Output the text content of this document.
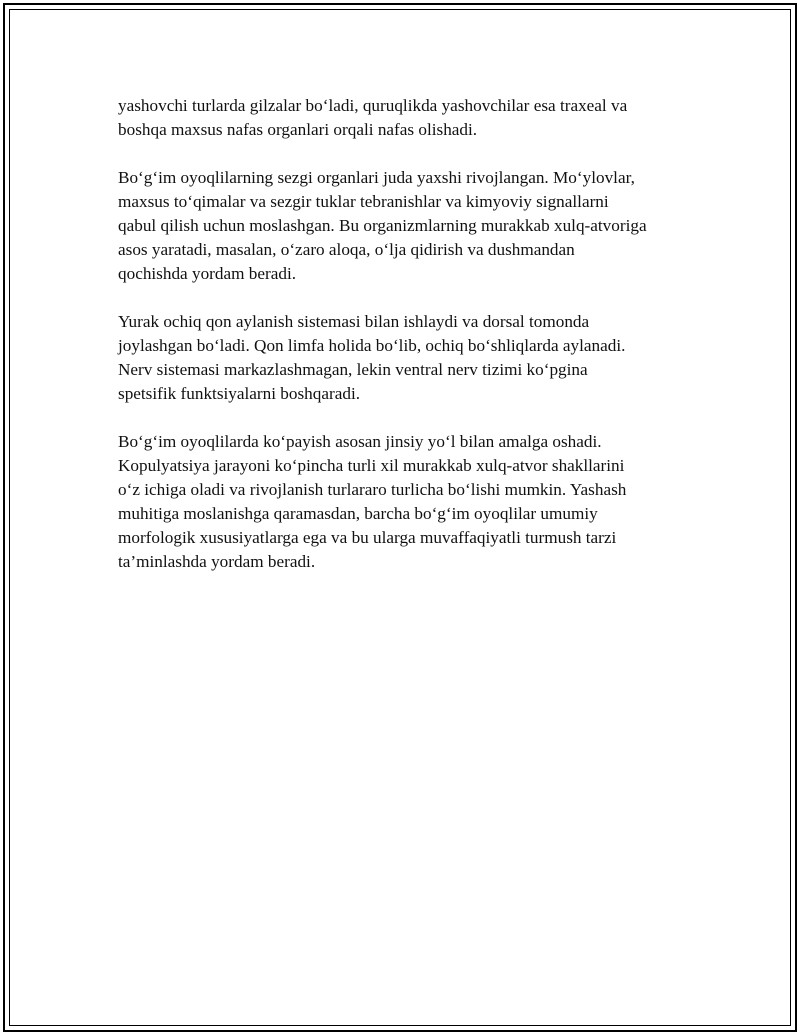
yashovchi turlarda gilzalar bo‘ladi, quruqlikda yashovchilar esa traxeal va
boshqa maxsus nafas organlari orqali nafas olishadi.

Bo‘g‘im oyoqlilarning sezgi organlari juda yaxshi rivojlangan. Mo‘ylovlar,
maxsus to‘qimalar va sezgir tuklar tebranishlar va kimyoviy signallarni
qabul qilish uchun moslashgan. Bu organizmlarning murakkab xulq-atvoriga
asos yaratadi, masalan, o‘zaro aloqa, o‘lja qidirish va dushmandan
qochishda yordam beradi.

Yurak ochiq qon aylanish sistemasi bilan ishlaydi va dorsal tomonda
joylashgan bo‘ladi. Qon limfa holida bo‘lib, ochiq bo‘shliqlarda aylanadi.
Nerv sistemasi markazlashmagan, lekin ventral nerv tizimi ko‘pgina
spetsifik funktsiyalarni boshqaradi.

Bo‘g‘im oyoqlilarda ko‘payish asosan jinsiy yo‘l bilan amalga oshadi.
Kopulyatsiya jarayoni ko‘pincha turli xil murakkab xulq-atvor shakllarini
o‘z ichiga oladi va rivojlanish turlararo turlicha bo‘lishi mumkin. Yashash
muhitiga moslanishga qaramasdan, barcha bo‘g‘im oyoqlilar umumiy
morfologik xususiyatlarga ega va bu ularga muvaffaqiyatli turmush tarzi
ta’minlashda yordam beradi.
